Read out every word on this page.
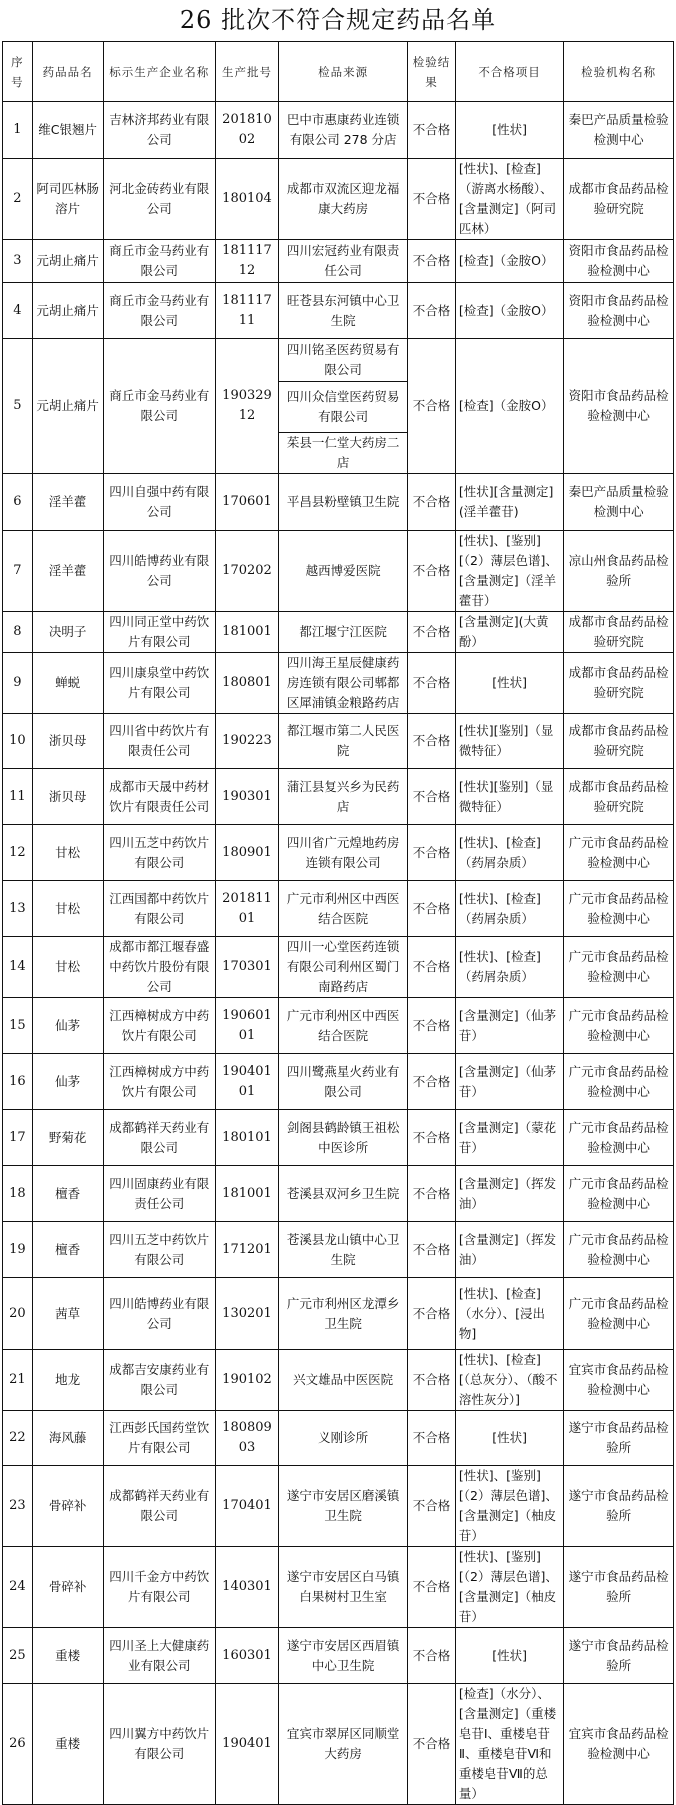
26 批次不符合规定药品名单
序号	药品品名	标示生产企业名称	生产批号	检品来源	检验结果	不合格项目	检验机构名称
1	维C银翘片	吉林济邦药业有限公司	20181002	巴中市惠康药业连锁有限公司 278 分店	不合格	[性状]	秦巴产品质量检验检测中心
2	阿司匹林肠溶片	河北金砖药业有限公司	180104	成都市双流区迎龙福康大药房	不合格	[性状]、[检查]（游离水杨酸）、[含量测定]（阿司匹林）	成都市食品药品检验研究院
3	元胡止痛片	商丘市金马药业有限公司	18111712	四川宏冠药业有限责任公司	不合格	[检查]（金胺O）	资阳市食品药品检验检测中心
4	元胡止痛片	商丘市金马药业有限公司	18111711	旺苍县东河镇中心卫生院	不合格	[检查]（金胺O）	资阳市食品药品检验检测中心
5	元胡止痛片	商丘市金马药业有限公司	19032912	四川铭圣医药贸易有限公司	不合格	[检查]（金胺O）	资阳市食品药品检验检测中心
				四川众信堂医药贸易有限公司			
				茱县一仁堂大药房二店			
6	淫羊藿	四川自强中药有限公司	170601	平昌县粉壁镇卫生院	不合格	[性状][含量测定](淫羊藿苷)	秦巴产品质量检验检测中心
7	淫羊藿	四川皓博药业有限公司	170202	越西博爱医院	不合格	[性状]、[鉴别][（2）薄层色谱]、[含量测定]（淫羊藿苷）	凉山州食品药品检验所
8	决明子	四川同正堂中药饮片有限公司	181001	都江堰宁江医院	不合格	[含量测定](大黄酚）	成都市食品药品检验研究院
9	蝉蜕	四川康泉堂中药饮片有限公司	180801	四川海王星辰健康药房连锁有限公司郫都区犀浦镇金粮路药店	不合格	[性状]	成都市食品药品检验研究院
10	浙贝母	四川省中药饮片有限责任公司	190223	都江堰市第二人民医院	不合格	[性状][鉴别]（显微特征）	成都市食品药品检验研究院
11	浙贝母	成都市天晟中药材饮片有限责任公司	190301	蒲江县复兴乡为民药店	不合格	[性状][鉴别]（显微特征）	成都市食品药品检验研究院
12	甘松	四川五芝中药饮片有限公司	180901	四川省广元煌地药房连锁有限公司	不合格	[性状]、[检查]（药屑杂质）	广元市食品药品检验检测中心
13	甘松	江西国都中药饮片有限公司	20181101	广元市利州区中西医结合医院	不合格	[性状]、[检查]（药屑杂质）	广元市食品药品检验检测中心
14	甘松	成都市都江堰春盛中药饮片股份有限公司	170301	四川一心堂医药连锁有限公司利州区蜀门南路药店	不合格	[性状]、[检查]（药屑杂质）	广元市食品药品检验检测中心
15	仙茅	江西樟树成方中药饮片有限公司	19060101	广元市利州区中西医结合医院	不合格	[含量测定]（仙茅苷）	广元市食品药品检验检测中心
16	仙茅	江西樟树成方中药饮片有限公司	19040101	四川鹭燕星火药业有限公司	不合格	[含量测定]（仙茅苷）	广元市食品药品检验检测中心
17	野菊花	成都鹤祥天药业有限公司	180101	剑阁县鹤龄镇王祖松中医诊所	不合格	[含量测定]（蒙花苷）	广元市食品药品检验检测中心
18	檀香	四川固康药业有限责任公司	181001	苍溪县双河乡卫生院	不合格	[含量测定]（挥发油）	广元市食品药品检验检测中心
19	檀香	四川五芝中药饮片有限公司	171201	苍溪县龙山镇中心卫生院	不合格	[含量测定]（挥发油）	广元市食品药品检验检测中心
20	茜草	四川皓博药业有限公司	130201	广元市利州区龙潭乡卫生院	不合格	[性状]、[检查]（水分）、[浸出物]	广元市食品药品检验检测中心
21	地龙	成都吉安康药业有限公司	190102	兴文雄品中医医院	不合格	[性状]、[检查][（总灰分）、（酸不溶性灰分）]	宜宾市食品药品检验检测中心
22	海风藤	江西彭氏国药堂饮片有限公司	18080903	义刚诊所	不合格	[性状]	遂宁市食品药品检验所
23	骨碎补	成都鹤祥天药业有限公司	170401	遂宁市安居区磨溪镇卫生院	不合格	[性状]、[鉴别][（2）薄层色谱]、[含量测定]（柚皮苷）	遂宁市食品药品检验所
24	骨碎补	四川千金方中药饮片有限公司	140301	遂宁市安居区白马镇白果树村卫生室	不合格	[性状]、[鉴别][（2）薄层色谱]、[含量测定]（柚皮苷）	遂宁市食品药品检验所
25	重楼	四川圣上大健康药业有限公司	160301	遂宁市安居区西眉镇中心卫生院	不合格	[性状]	遂宁市食品药品检验所
26	重楼	四川翼方中药饮片有限公司	190401	宜宾市翠屏区同顺堂大药房	不合格	[检查]（水分）、[含量测定]（重楼皂苷Ⅰ、重楼皂苷Ⅱ、重楼皂苷Ⅵ和重楼皂苷Ⅶ的总量）	宜宾市食品药品检验检测中心
